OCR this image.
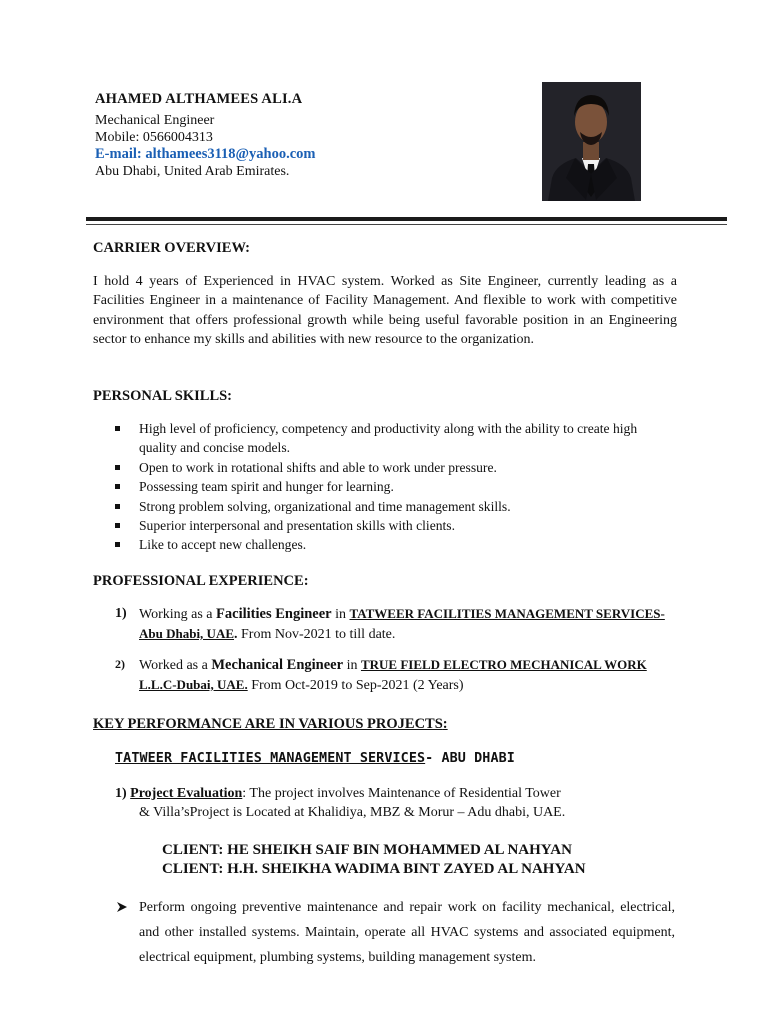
AHAMED ALTHAMEES ALI.A
Mechanical Engineer
Mobile: 0566004313
E-mail: althamees3118@yahoo.com
Abu Dhabi, United Arab Emirates.
CARRIER OVERVIEW:

I hold 4 years of Experienced in HVAC system. Worked as Site Engineer, currently leading as a Facilities Engineer in a maintenance of Facility Management. And flexible to work with competitive environment that offers professional growth while being useful favorable position in an Engineering sector to enhance my skills and abilities with new resource to the organization.

PERSONAL SKILLS:
High level of proficiency, competency and productivity along with the ability to create high quality and concise models.
Open to work in rotational shifts and able to work under pressure.
Possessing team spirit and hunger for learning.
Strong problem solving, organizational and time management skills.
Superior interpersonal and presentation skills with clients.
Like to accept new challenges.
PROFESSIONAL EXPERIENCE:
1) Working as a Facilities Engineer in TATWEER FACILITIES MANAGEMENT SERVICES- Abu Dhabi, UAE. From Nov-2021 to till date.
2) Worked as a Mechanical Engineer in TRUE FIELD ELECTRO MECHANICAL WORK L.L.C-Dubai, UAE. From Oct-2019 to Sep-2021 (2 Years)
KEY PERFORMANCE ARE IN VARIOUS PROJECTS:
TATWEER FACILITIES MANAGEMENT SERVICES- ABU DHABI
1) Project Evaluation: The project involves Maintenance of Residential Tower
& Villa’sProject is Located at Khalidiya, MBZ & Morur – Adu dhabi, UAE.
CLIENT: HE SHEIKH SAIF BIN MOHAMMED AL NAHYAN
CLIENT: H.H. SHEIKHA WADIMA BINT ZAYED AL NAHYAN
Perform ongoing preventive maintenance and repair work on facility mechanical, electrical, and other installed systems. Maintain, operate all HVAC systems and associated equipment, electrical equipment, plumbing systems, building management system.
